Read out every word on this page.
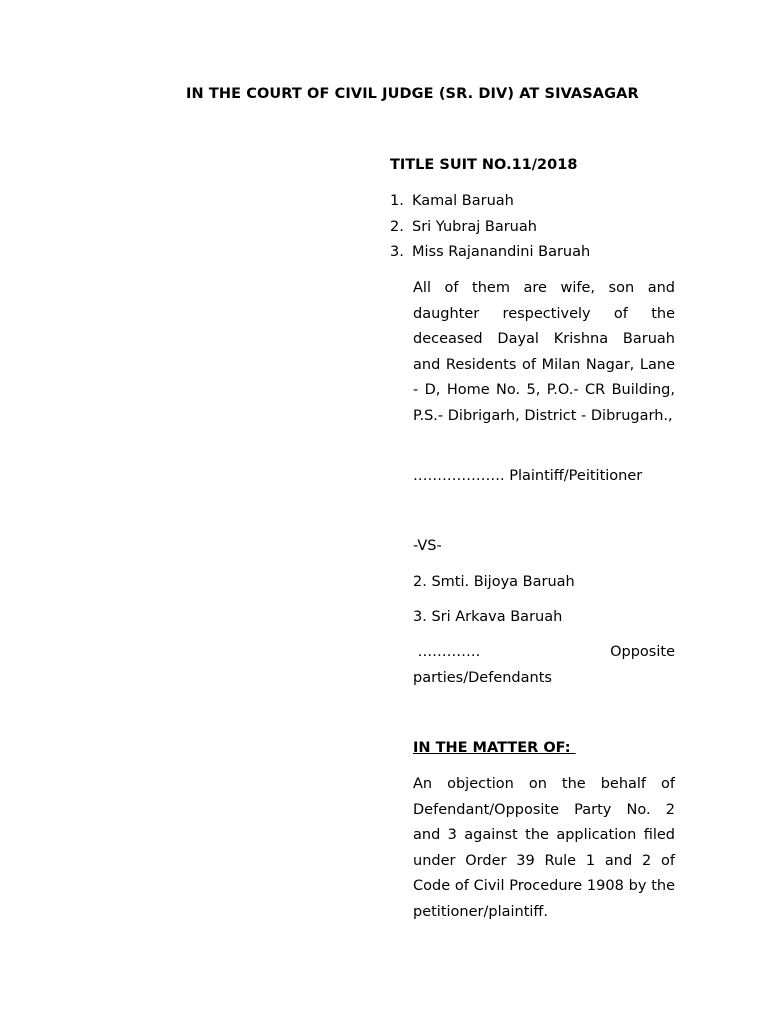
IN THE COURT OF CIVIL JUDGE (SR. DIV) AT SIVASAGAR
TITLE SUIT NO.11/2018
1. Kamal Baruah
2. Sri Yubraj Baruah
3. Miss Rajanandini Baruah
All of them are wife, son and daughter respectively of the deceased Dayal Krishna Baruah and Residents of Milan Nagar, Lane - D, Home No. 5, P.O.- CR Building, P.S.- Dibrigarh, District - Dibrugarh.,
………………. Plaintiff/Peititioner
-VS-
2. Smti. Bijoya Baruah
3. Sri Arkava Baruah
………….	Opposite
parties/Defendants
IN THE MATTER OF:
An objection on the behalf of Defendant/Opposite Party No. 2 and 3 against the application filed under Order 39 Rule 1 and 2 of Code of Civil Procedure 1908 by the petitioner/plaintiff.
